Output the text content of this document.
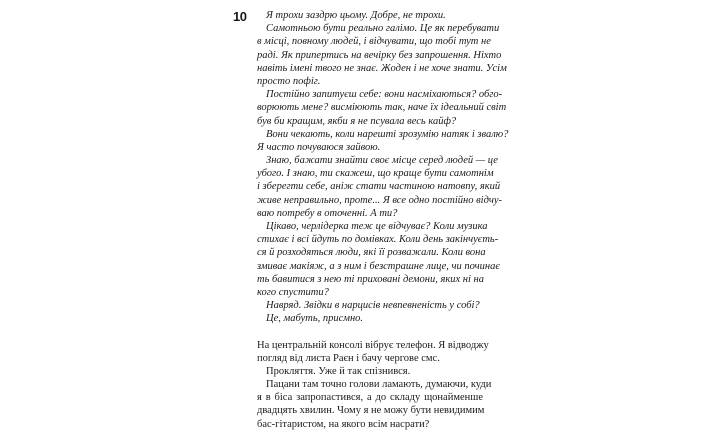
10	Я трохи заздрю цьому. Добре, не трохи.
Самотньою бути реально галімо. Це як перебувати
в місці, повному людей, і відчувати, що тобі тут не
раді. Як припертись на вечірку без запрошення. Ніхто
навіть імені твого не знає. Жоден і не хоче знати. Усім
просто пофіг.
Постійно запитуєш себе: вони насміхаються? обго-
ворюють мене? висміюють так, наче їх ідеальний світ
був би кращим, якби я не псувала весь кайф?
Вони чекають, коли нарешті зрозумію натяк і звалю?
Я часто почуваюся зайвою.
Знаю, бажати знайти своє місце серед людей — це
убого. І знаю, ти скажеш, що краще бути самотнім
і зберегти себе, аніж стати частиною натовпу, який
живе неправильно, проте... Я все одно постійно відчу-
ваю потребу в оточенні. А ти?
Цікаво, черлідерка теж це відчуває? Коли музика
стихає і всі йдуть по домівках. Коли день закінчуєть-
ся й розходяться люди, які її розважали. Коли вона
змиває макіяж, а з ним і безстрашне лице, чи починає
ть бавитися з нею ті приховані демони, яких ні на
кого спустити?
Навряд. Звідки в нарцисів невпевненість у собі?
Це, мабуть, присмно.
На центральній консолі вібрує телефон. Я відводжу
погляд від листа Раєн і бачу чергове смс.
Прокляття. Уже й так спізнився.
Пацани там точно голови ламають, думаючи, куди
я в біса запропастився, а до складу щонайменше
двадцять хвилин. Чому я не можу бути невидимим
бас-гітаристом, на якого всім насрати?
